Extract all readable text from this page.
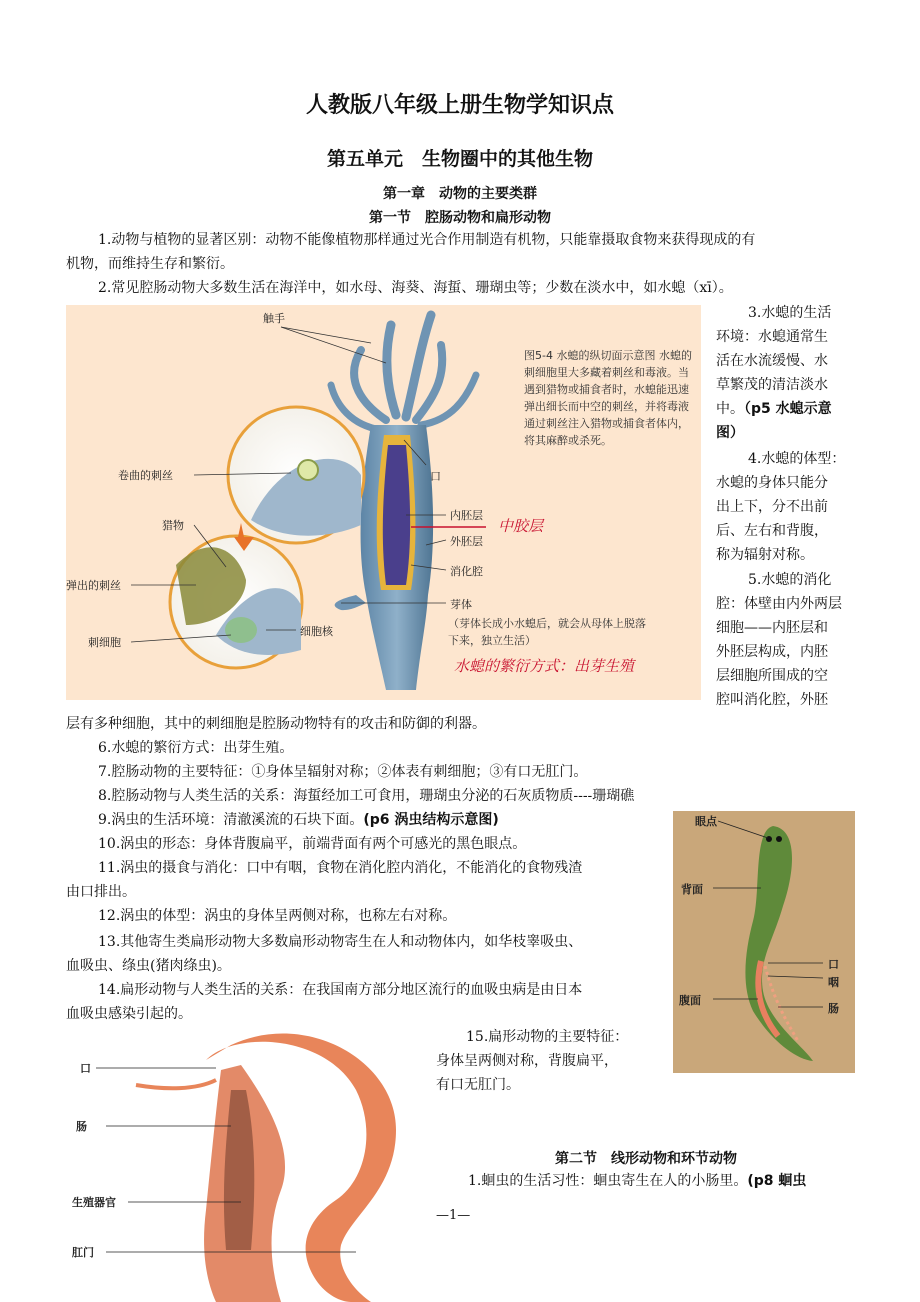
人教版八年级上册生物学知识点
第五单元　生物圈中的其他生物
第一章　动物的主要类群
第一节　腔肠动物和扁形动物
1.动物与植物的显著区别：动物不能像植物那样通过光合作用制造有机物，只能靠摄取食物来获得现成的有
机物，而维持生存和繁衍。
2.常见腔肠动物大多数生活在海洋中，如水母、海葵、海蜇、珊瑚虫等；少数在淡水中，如水螅（xī）。
触手
卷曲的刺丝
猎物
弹出的刺丝
刺细胞
细胞核
口
内胚层
外胚层
消化腔
芽体
（芽体长成小水螅后，就会从母体上脱落下来，独立生活）
图5-4 水螅的纵切面示意图 水螅的刺细胞里大多藏着刺丝和毒液。当遇到猎物或捕食者时，水螅能迅速弹出细长而中空的刺丝，并将毒液通过刺丝注入猎物或捕食者体内，将其麻醉或杀死。
中胶层
水螅的繁衍方式：出芽生殖
3.水螅的生活
环境：水螅通常生
活在水流缓慢、水
草繁茂的清洁淡水
中。（p5 水螅示意
图）
4.水螅的体型：
水螅的身体只能分
出上下，分不出前
后、左右和背腹，
称为辐射对称。
5.水螅的消化
腔：体壁由内外两层
细胞——内胚层和
外胚层构成，内胚
层细胞所围成的空
腔叫消化腔，外胚
层有多种细胞，其中的刺细胞是腔肠动物特有的攻击和防御的利器。
6.水螅的繁衍方式：出芽生殖。
7.腔肠动物的主要特征：①身体呈辐射对称；②体表有刺细胞；③有口无肛门。
8.腔肠动物与人类生活的关系：海蜇经加工可食用，珊瑚虫分泌的石灰质物质----珊瑚礁
9.涡虫的生活环境：清澈溪流的石块下面。(p6 涡虫结构示意图)
10.涡虫的形态：身体背腹扁平，前端背面有两个可感光的黑色眼点。
11.涡虫的摄食与消化：口中有咽，食物在消化腔内消化，不能消化的食物残渣
由口排出。
12.涡虫的体型：涡虫的身体呈两侧对称，也称左右对称。
13.其他寄生类扁形动物大多数扁形动物寄生在人和动物体内，如华枝睾吸虫、
血吸虫、绦虫(猪肉绦虫)。
14.扁形动物与人类生活的关系：在我国南方部分地区流行的血吸虫病是由日本
血吸虫感染引起的。
眼点
背面
口
咽
腹面
肠
口
肠
生殖器官
肛门
15.扁形动物的主要特征：
身体呈两侧对称，背腹扁平，
有口无肛门。
第二节　线形动物和环节动物
1.蛔虫的生活习性：蛔虫寄生在人的小肠里。(p8 蛔虫
—1—
